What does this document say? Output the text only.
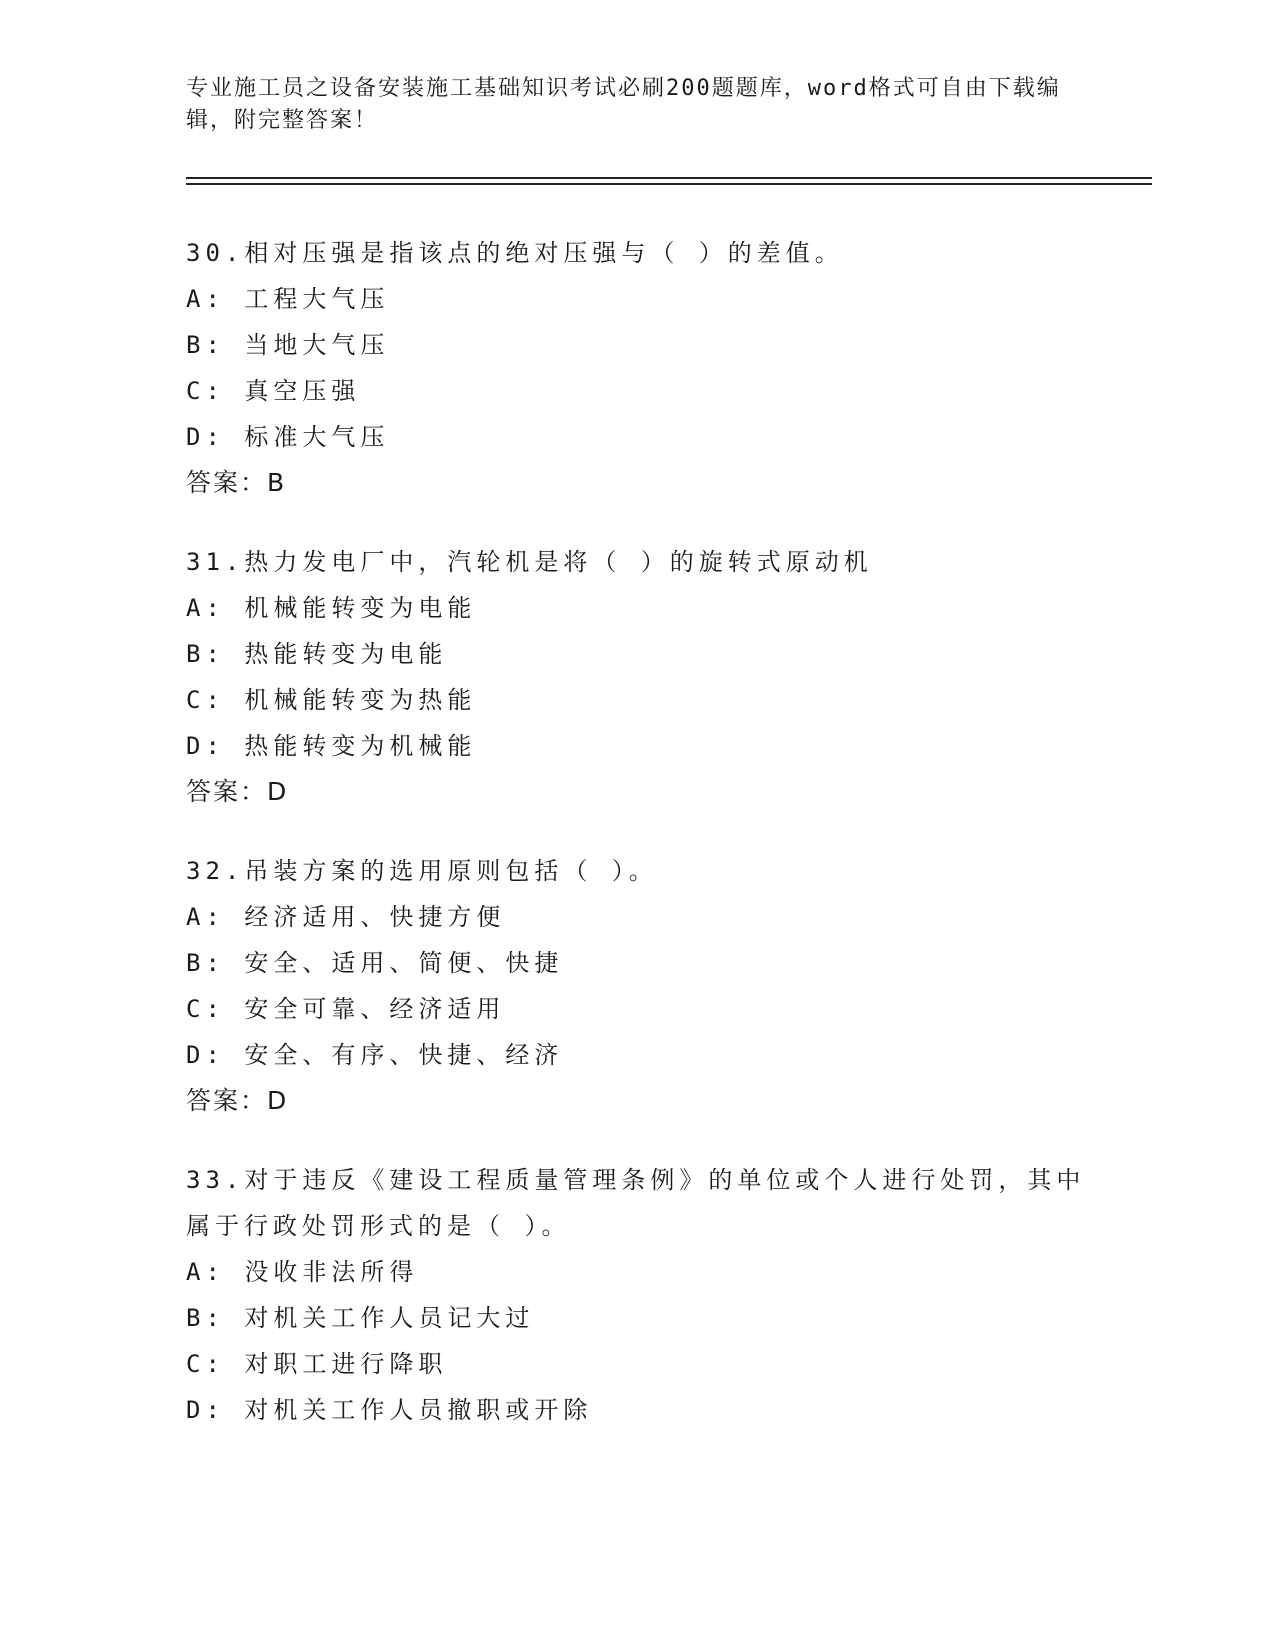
专业施工员之设备安装施工基础知识考试必刷200题题库，word格式可自由下载编辑，附完整答案！
30.相对压强是指该点的绝对压强与（ ）的差值。
A: 工程大气压
B: 当地大气压
C: 真空压强
D: 标准大气压
答案：B
31.热力发电厂中，汽轮机是将（ ）的旋转式原动机
A: 机械能转变为电能
B: 热能转变为电能
C: 机械能转变为热能
D: 热能转变为机械能
答案：D
32.吊装方案的选用原则包括（ ）。
A: 经济适用、快捷方便
B: 安全、适用、简便、快捷
C: 安全可靠、经济适用
D: 安全、有序、快捷、经济
答案：D
33.对于违反《建设工程质量管理条例》的单位或个人进行处罚，其中属于行政处罚形式的是（ ）。
A: 没收非法所得
B: 对机关工作人员记大过
C: 对职工进行降职
D: 对机关工作人员撤职或开除
